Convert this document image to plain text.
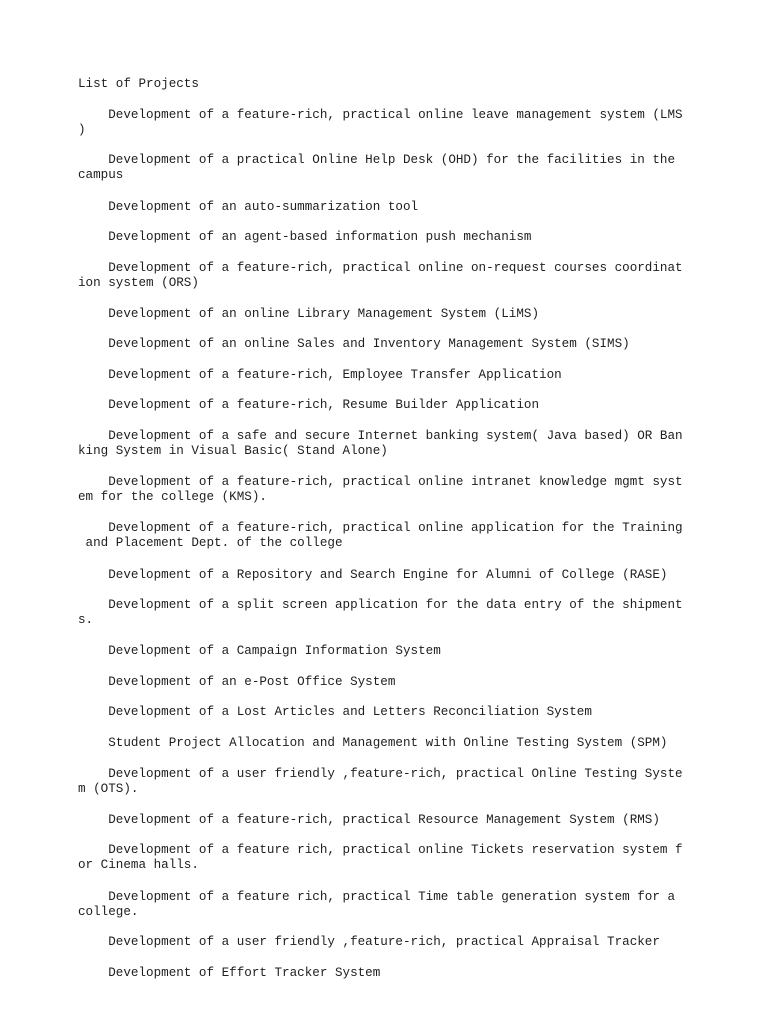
List of Projects
Development of a feature-rich, practical online leave management system (LMS
)
Development of a practical Online Help Desk (OHD) for the facilities in the
campus
Development of an auto-summarization tool
Development of an agent-based information push mechanism
Development of a feature-rich, practical online on-request courses coordinat
ion system (ORS)
Development of an online Library Management System (LiMS)
Development of an online Sales and Inventory Management System (SIMS)
Development of a feature-rich, Employee Transfer Application
Development of a feature-rich, Resume Builder Application
Development of a safe and secure Internet banking system( Java based) OR Ban
king System in Visual Basic( Stand Alone)
Development of a feature-rich, practical online intranet knowledge mgmt syst
em for the college (KMS).
Development of a feature-rich, practical online application for the Training
and Placement Dept. of the college
Development of a Repository and Search Engine for Alumni of College (RASE)
Development of a split screen application for the data entry of the shipment
s.
Development of a Campaign Information System
Development of an e-Post Office System
Development of a Lost Articles and Letters Reconciliation System
Student Project Allocation and Management with Online Testing System (SPM)
Development of a user friendly ,feature-rich, practical Online Testing Syste
m (OTS).
Development of a feature-rich, practical Resource Management System (RMS)
Development of a feature rich, practical online Tickets reservation system f
or Cinema halls.
Development of a feature rich, practical Time table generation system for a
college.
Development of a user friendly ,feature-rich, practical Appraisal Tracker
Development of Effort Tracker System
